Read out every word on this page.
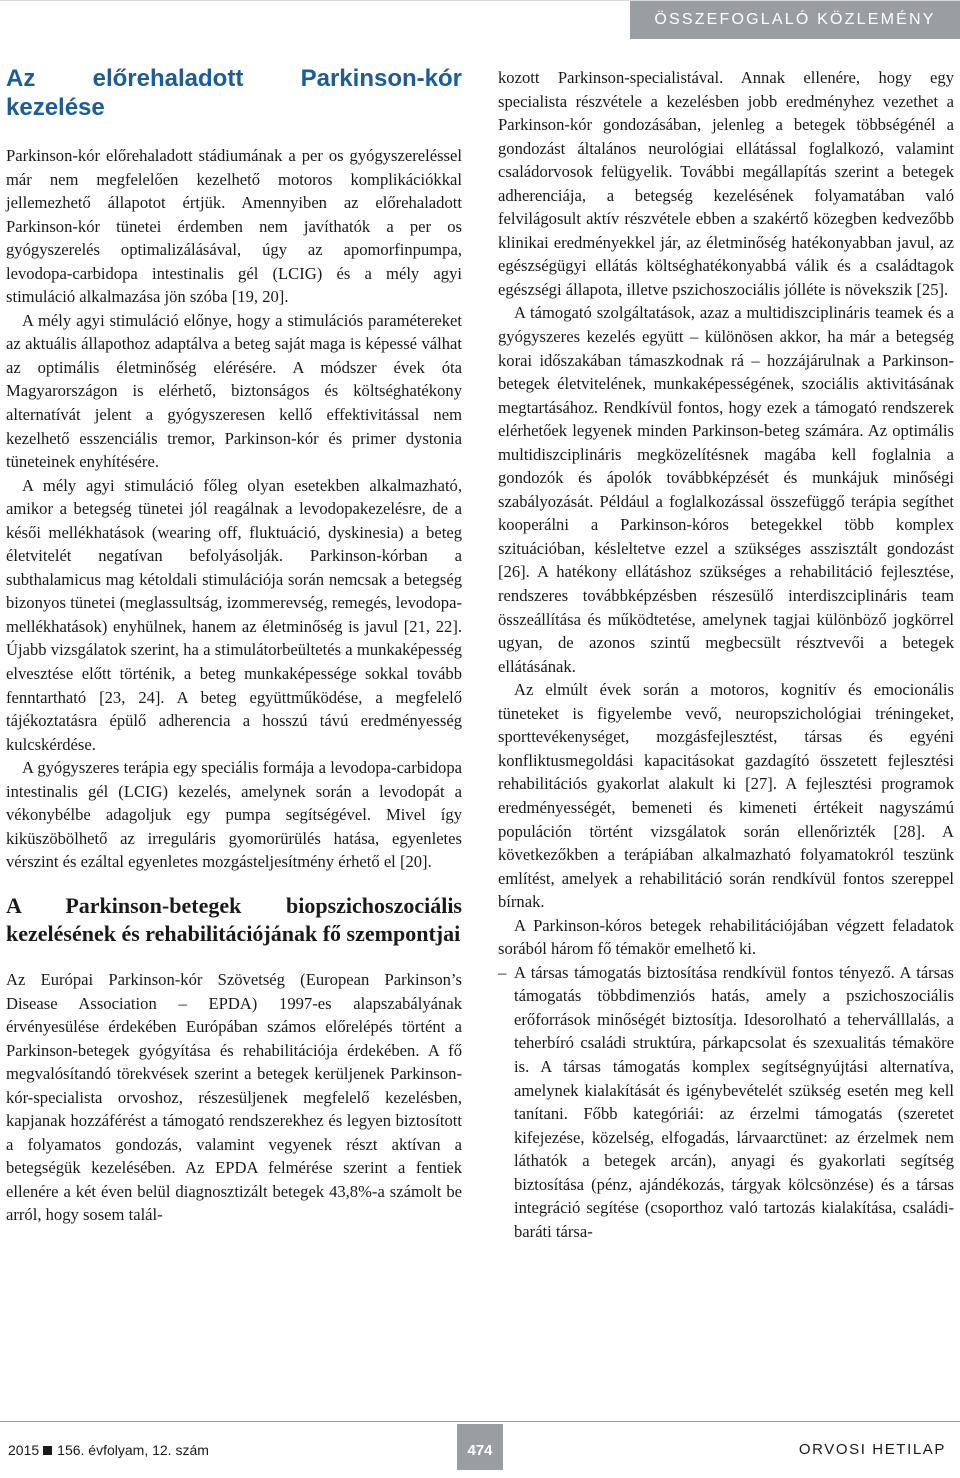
ÖSSZEFOGLALÓ KÖZLEMÉNY
Az előrehaladott Parkinson-kór kezelése

Parkinson-kór előrehaladott stádiumának a per os gyógyszereléssel már nem megfelelően kezelhető motoros komplikációkkal jellemezhető állapotot értjük. Amennyiben az előrehaladott Parkinson-kór tünetei érdemben nem javíthatók a per os gyógyszerelés optimalizálásával, úgy az apomorfinpumpa, levodopa-carbidopa intestinalis gél (LCIG) és a mély agyi stimuláció alkalmazása jön szóba [19, 20].

A mély agyi stimuláció előnye, hogy a stimulációs paramétereket az aktuális állapothoz adaptálva a beteg saját maga is képessé válhat az optimális életminőség elérésére. A módszer évek óta Magyarországon is elérhető, biztonságos és költséghatékony alternatívát jelent a gyógyszeresen kellő effektivitással nem kezelhető esszenciális tremor, Parkinson-kór és primer dystonia tüneteinek enyhítésére.

A mély agyi stimuláció főleg olyan esetekben alkalmazható, amikor a betegség tünetei jól reagálnak a levodopakezelésre, de a késői mellékhatások (wearing off, fluktuáció, dyskinesia) a beteg életvitelét negatívan befolyásolják. Parkinson-kórban a subthalamicus mag kétoldali stimulációja során nemcsak a betegség bizonyos tünetei (meglassultság, izommerevség, remegés, levodopa-mellékhatások) enyhülnek, hanem az életminőség is javul [21, 22]. Újabb vizsgálatok szerint, ha a stimulátorbeültetés a munkaképesség elvesztése előtt történik, a beteg munkaképessége sokkal tovább fenntartható [23, 24]. A beteg együttműködése, a megfelelő tájékoztatásra épülő adherencia a hosszú távú eredményesség kulcskérdése.

A gyógyszeres terápia egy speciális formája a levodopa-carbidopa intestinalis gél (LCIG) kezelés, amelynek során a levodopát a vékonybélbe adagoljuk egy pumpa segítségével. Mivel így kiküszöbölhető az irreguláris gyomorürülés hatása, egyenletes vérszint és ezáltal egyenletes mozgásteljesítmény érhető el [20].

A Parkinson-betegek biopszichoszociális kezelésének és rehabilitációjának fő szempontjai

Az Európai Parkinson-kór Szövetség (European Parkinson’s Disease Association – EPDA) 1997-es alapszabályának érvényesülése érdekében Európában számos előrelépés történt a Parkinson-betegek gyógyítása és rehabilitációja érdekében. A fő megvalósítandó törekvések szerint a betegek kerüljenek Parkinson-kór-specialista orvoshoz, részesüljenek megfelelő kezelésben, kapjanak hozzáférést a támogató rendszerekhez és legyen biztosított a folyamatos gondozás, valamint vegyenek részt aktívan a betegségük kezelésében. Az EPDA felmérése szerint a fentiek ellenére a két éven belül diagnosztizált betegek 43,8%-a számolt be arról, hogy sosem talál-

kozott Parkinson-specialistával. Annak ellenére, hogy egy specialista részvétele a kezelésben jobb eredményhez vezethet a Parkinson-kór gondozásában, jelenleg a betegek többségénél a gondozást általános neurológiai ellátással foglalkozó, valamint családorvosok felügyelik. További megállapítás szerint a betegek adherenciája, a betegség kezelésének folyamatában való felvilágosult aktív részvétele ebben a szakértő közegben kedvezőbb klinikai eredményekkel jár, az életminőség hatékonyabban javul, az egészségügyi ellátás költséghatékonyabbá válik és a családtagok egészségi állapota, illetve pszichoszociális jólléte is növekszik [25].

A támogató szolgáltatások, azaz a multidiszciplináris teamek és a gyógyszeres kezelés együtt – különösen akkor, ha már a betegség korai időszakában támaszkodnak rá – hozzájárulnak a Parkinson-betegek életvitelének, munkaképességének, szociális aktivitásának megtartásához. Rendkívül fontos, hogy ezek a támogató rendszerek elérhetőek legyenek minden Parkinson-beteg számára. Az optimális multidiszciplináris megközelítésnek magába kell foglalnia a gondozók és ápolók továbbképzését és munkájuk minőségi szabályozását. Például a foglalkozással összefüggő terápia segíthet kooperálni a Parkinson-kóros betegekkel több komplex szituációban, késleltetve ezzel a szükséges asszisztált gondozást [26]. A hatékony ellátáshoz szükséges a rehabilitáció fejlesztése, rendszeres továbbképzésben részesülő interdiszciplináris team összeállítása és működtetése, amelynek tagjai különböző jogkörrel ugyan, de azonos szintű megbecsült résztvevői a betegek ellátásának.

Az elmúlt évek során a motoros, kognitív és emocionális tüneteket is figyelembe vevő, neuropszichológiai tréningeket, sporttevékenységet, mozgásfejlesztést, társas és egyéni konfliktusmegoldási kapacitásokat gazdagító összetett fejlesztési rehabilitációs gyakorlat alakult ki [27]. A fejlesztési programok eredményességét, bemeneti és kimeneti értékeit nagyszámú populáción történt vizsgálatok során ellenőrizték [28]. A következőkben a terápiában alkalmazható folyamatokról teszünk említést, amelyek a rehabilitáció során rendkívül fontos szereppel bírnak.

A Parkinson-kóros betegek rehabilitációjában végzett feladatok sorából három fő témakör emelhető ki.

– A társas támogatás biztosítása rendkívül fontos tényező. A társas támogatás többdimenziós hatás, amely a pszichoszociális erőforrások minőségét biztosítja. Idesorolható a teherválllalás, a teherbíró családi struktúra, párkapcsolat és szexualitás témaköre is. A társas támogatás komplex segítségnyújtási alternatíva, amelynek kialakítását és igénybevételét szükség esetén meg kell tanítani. Főbb kategóriái: az érzelmi támogatás (szeretet kifejezése, közelség, elfogadás, lárvaarctünet: az érzelmek nem láthatók a betegek arcán), anyagi és gyakorlati segítség biztosítása (pénz, ajándékozás, tárgyak kölcsönzése) és a társas integráció segítése (csoporthoz való tartozás kialakítása, családi-baráti társa-
2015 156. évfolyam, 12. szám	474	ORVOSI HETILAP
